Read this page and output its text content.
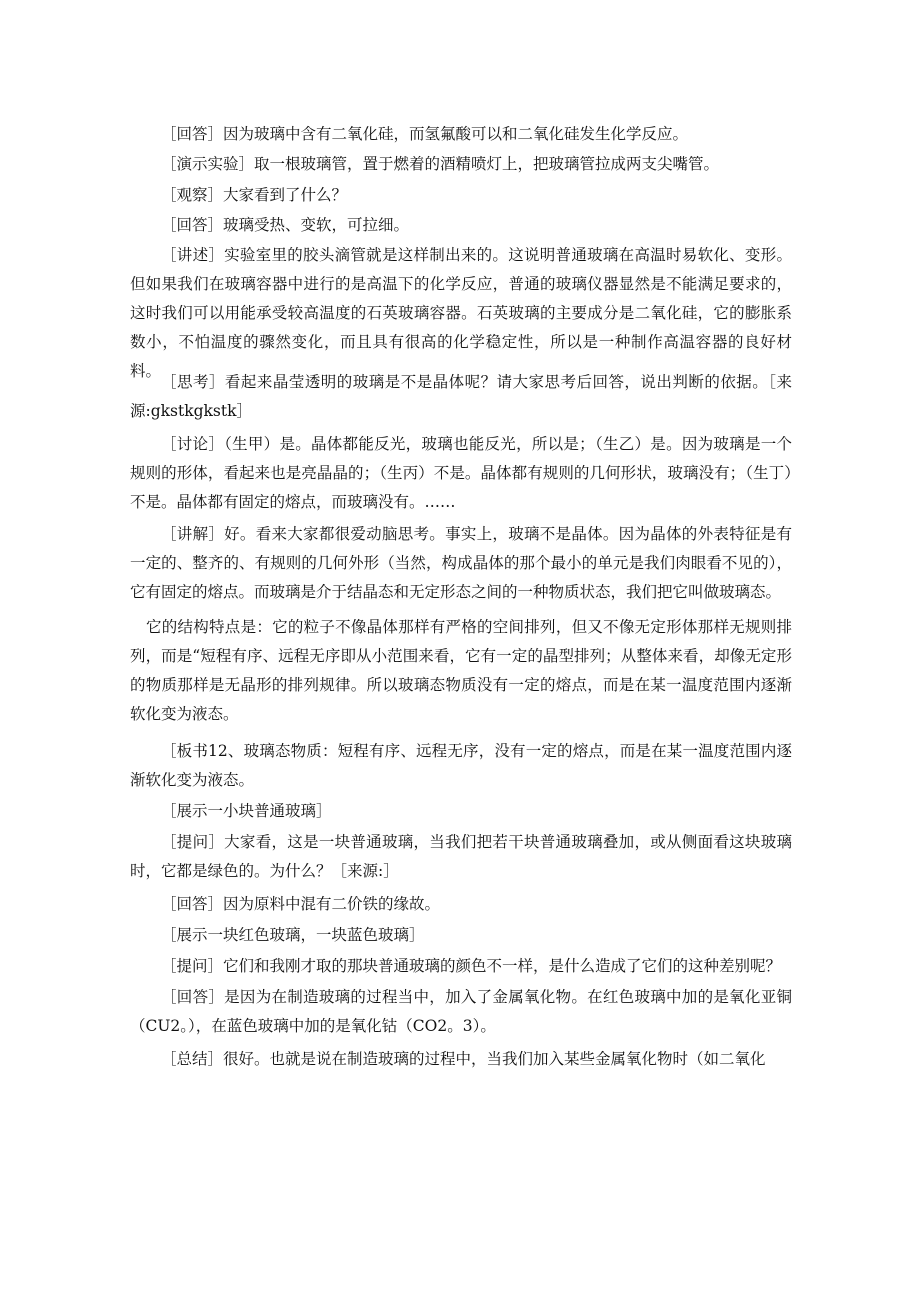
［回答］因为玻璃中含有二氧化硅，而氢氟酸可以和二氧化硅发生化学反应。

［演示实验］取一根玻璃管，置于燃着的酒精喷灯上，把玻璃管拉成两支尖嘴管。

［观察］大家看到了什么？

［回答］玻璃受热、变软，可拉细。

［讲述］实验室里的胶头滴管就是这样制出来的。这说明普通玻璃在高温时易软化、变形。但如果我们在玻璃容器中进行的是高温下的化学反应，普通的玻璃仪器显然是不能满足要求的，这时我们可以用能承受较高温度的石英玻璃容器。石英玻璃的主要成分是二氧化硅，它的膨胀系数小，不怕温度的骤然变化，而且具有很高的化学稳定性，所以是一种制作高温容器的良好材料。

［思考］看起来晶莹透明的玻璃是不是晶体呢？请大家思考后回答，说出判断的依据。［来源:gkstkgkstk］

［讨论］（生甲）是。晶体都能反光，玻璃也能反光，所以是；（生乙）是。因为玻璃是一个规则的形体，看起来也是亮晶晶的；（生丙）不是。晶体都有规则的几何形状，玻璃没有；（生丁）不是。晶体都有固定的熔点，而玻璃没有。……

［讲解］好。看来大家都很爱动脑思考。事实上，玻璃不是晶体。因为晶体的外表特征是有一定的、整齐的、有规则的几何外形（当然，构成晶体的那个最小的单元是我们肉眼看不见的），它有固定的熔点。而玻璃是介于结晶态和无定形态之间的一种物质状态，我们把它叫做玻璃态。

它的结构特点是：它的粒子不像晶体那样有严格的空间排列，但又不像无定形体那样无规则排列，而是“短程有序、远程无序即从小范围来看，它有一定的晶型排列；从整体来看，却像无定形的物质那样是无晶形的排列规律。所以玻璃态物质没有一定的熔点，而是在某一温度范围内逐渐软化变为液态。

［板书12、玻璃态物质：短程有序、远程无序，没有一定的熔点，而是在某一温度范围内逐渐软化变为液态。

［展示一小块普通玻璃］

［提问］大家看，这是一块普通玻璃，当我们把若干块普通玻璃叠加，或从侧面看这块玻璃时，它都是绿色的。为什么？［来源:］

［回答］因为原料中混有二价铁的缘故。

［展示一块红色玻璃，一块蓝色玻璃］

［提问］它们和我刚才取的那块普通玻璃的颜色不一样，是什么造成了它们的这种差别呢？

［回答］是因为在制造玻璃的过程当中，加入了金属氧化物。在红色玻璃中加的是氧化亚铜（CU2。），在蓝色玻璃中加的是氧化钴（CO2。3）。

［总结］很好。也就是说在制造玻璃的过程中，当我们加入某些金属氧化物时（如二氧化
